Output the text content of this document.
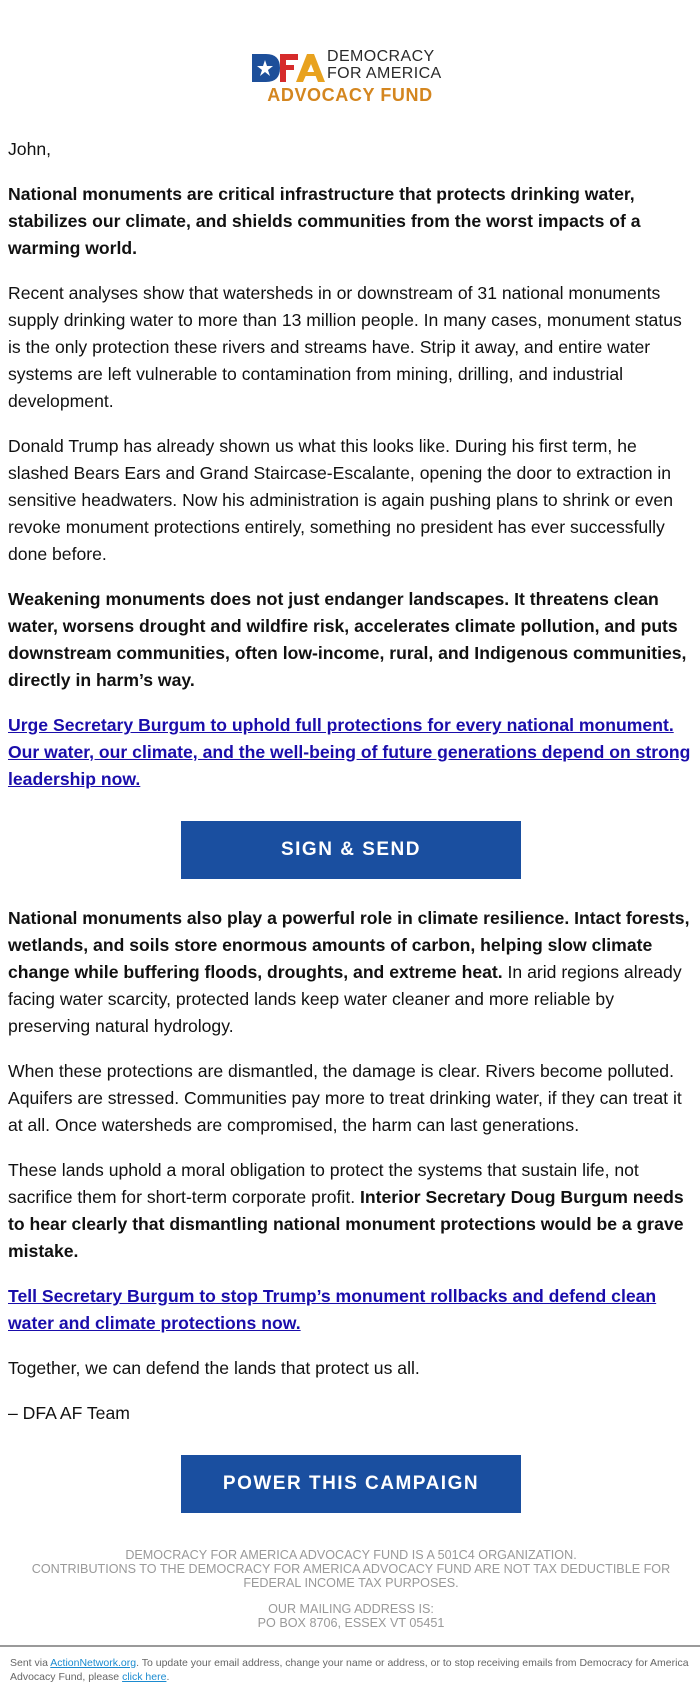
DEMOCRACY
FOR AMERICA
ADVOCACY FUND

John,

National monuments are critical infrastructure that protects drinking water, stabilizes our climate, and shields communities from the worst impacts of a warming world.

Recent analyses show that watersheds in or downstream of 31 national monuments supply drinking water to more than 13 million people. In many cases, monument status is the only protection these rivers and streams have. Strip it away, and entire water systems are left vulnerable to contamination from mining, drilling, and industrial development.

Donald Trump has already shown us what this looks like. During his first term, he slashed Bears Ears and Grand Staircase-Escalante, opening the door to extraction in sensitive headwaters. Now his administration is again pushing plans to shrink or even revoke monument protections entirely, something no president has ever successfully done before.

Weakening monuments does not just endanger landscapes. It threatens clean water, worsens drought and wildfire risk, accelerates climate pollution, and puts downstream communities, often low-income, rural, and Indigenous communities, directly in harm’s way.

Urge Secretary Burgum to uphold full protections for every national monument. Our water, our climate, and the well-being of future generations depend on strong leadership now.

SIGN & SEND

National monuments also play a powerful role in climate resilience. Intact forests, wetlands, and soils store enormous amounts of carbon, helping slow climate change while buffering floods, droughts, and extreme heat. In arid regions already facing water scarcity, protected lands keep water cleaner and more reliable by preserving natural hydrology.

When these protections are dismantled, the damage is clear. Rivers become polluted. Aquifers are stressed. Communities pay more to treat drinking water, if they can treat it at all. Once watersheds are compromised, the harm can last generations.

These lands uphold a moral obligation to protect the systems that sustain life, not sacrifice them for short-term corporate profit. Interior Secretary Doug Burgum needs to hear clearly that dismantling national monument protections would be a grave mistake.

Tell Secretary Burgum to stop Trump’s monument rollbacks and defend clean water and climate protections now.

Together, we can defend the lands that protect us all.

– DFA AF Team

POWER THIS CAMPAIGN

DEMOCRACY FOR AMERICA ADVOCACY FUND IS A 501C4 ORGANIZATION.
CONTRIBUTIONS TO THE DEMOCRACY FOR AMERICA ADVOCACY FUND ARE NOT TAX DEDUCTIBLE FOR FEDERAL INCOME TAX PURPOSES.

OUR MAILING ADDRESS IS:
PO BOX 8706, ESSEX VT 05451

Sent via ActionNetwork.org. To update your email address, change your name or address, or to stop receiving emails from Democracy for America Advocacy Fund, please click here.
